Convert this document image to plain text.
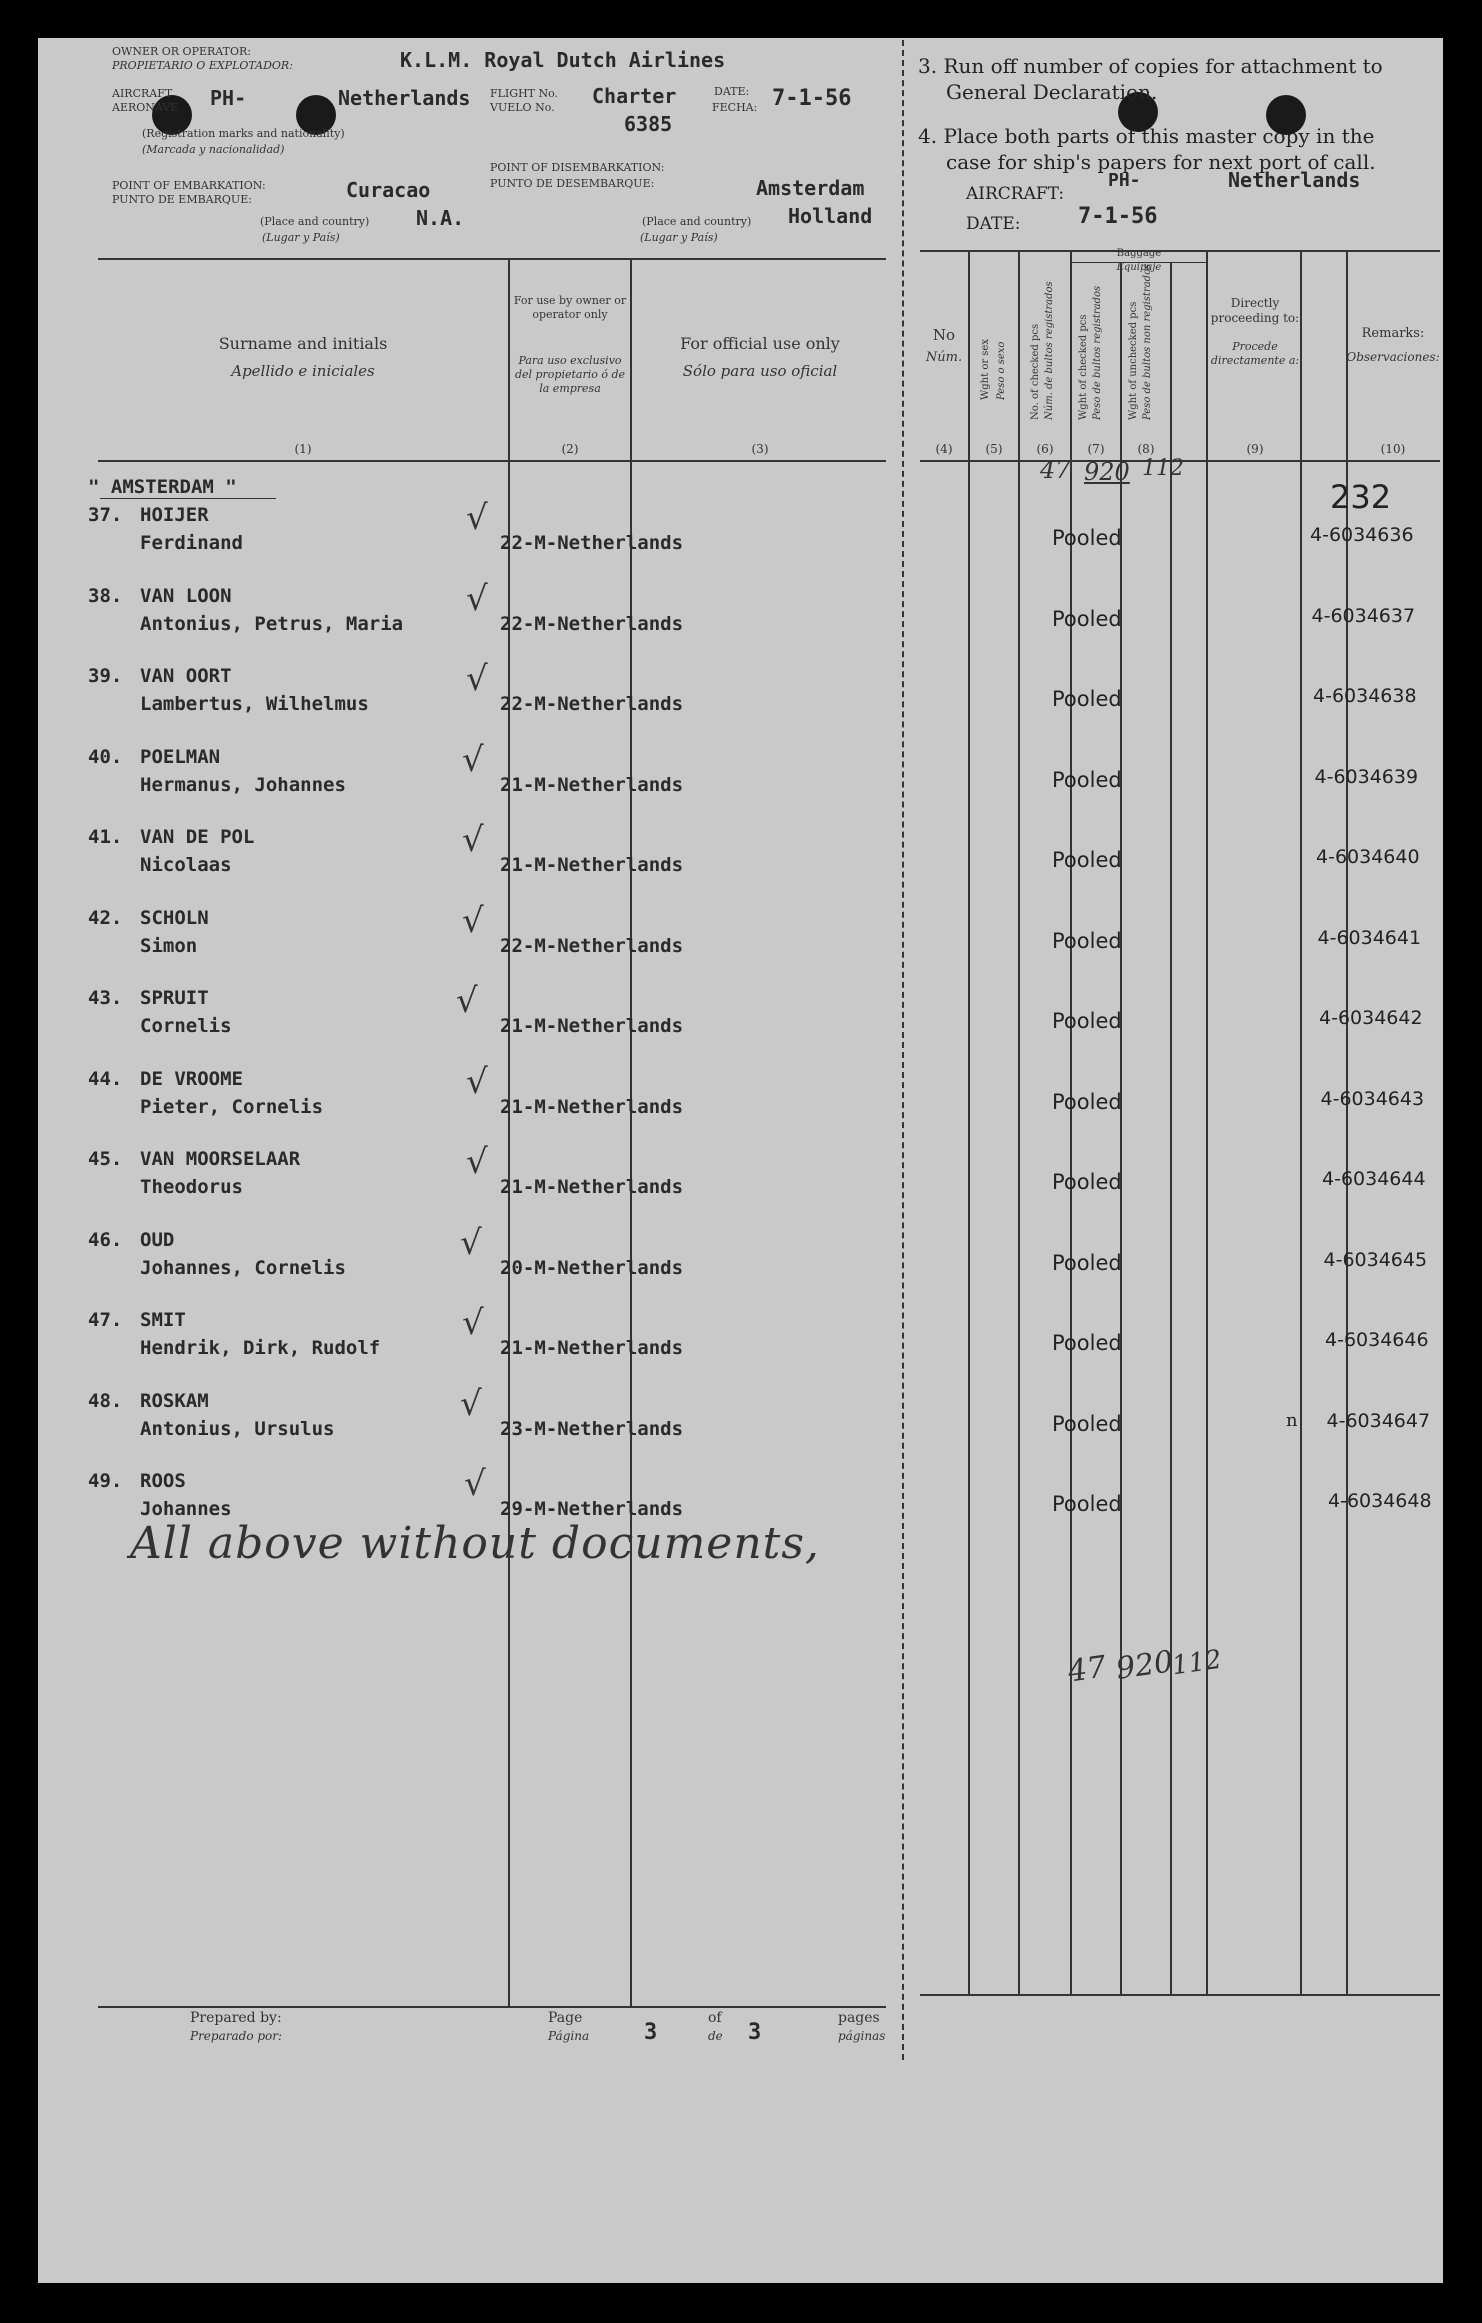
OWNER OR OPERATOR:
PROPIETARIO O EXPLOTADOR:	K.L.M. Royal Dutch Airlines
AIRCRAFT
AERONAVE PH-	Netherlands
(Registration marks and nationality)
(Marcada y nacionalidad)
FLIGHT No.
VUELO No. Charter
6385
DATE:
FECHA: 7-1-56
POINT OF EMBARKATION:
PUNTO DE EMBARQUE:	Curacao
N.A.
(Place and country)
(Lugar y País)
POINT OF DISEMBARKATION:
PUNTO DE DESEMBARQUE:	Amsterdam
Holland
(Place and country)
(Lugar y País)
3. Run off number of copies for attachment to
General Declaration.
4. Place both parts of this master copy in the
case for ship's papers for next port of call.
AIRCRAFT:
PH-	Netherlands
DATE:	7-1-56
Surname and initials
Apellido e iniciales
(1)
For use by owner or operator only
Para uso exclusivo del propietario ó de la empresa
(2)
For official use only
Sólo para uso oficial
(3)
No
Núm.
(4)
Wght or sex Peso o sexo
(5)
Baggage
Equipaje
No. of checked pcs Núm. de bultos registrados
(6)
Wght of checked pcs Peso de bultos registrados
(7)
Wght of unchecked pcs Peso de bultos non registrados
(8)
Directly proceeding to:
Procede directamente a:
(9)
Remarks:
Observaciones:
(10)
" AMSTERDAM "
47 920 112
232
37. HOIJER
Ferdinand
√
22-M-Netherlands	Pooled	4-6034636
38. VAN LOON
Antonius, Petrus, Maria
√
22-M-Netherlands	Pooled	4-6034637
39. VAN OORT
Lambertus, Wilhelmus
√
22-M-Netherlands	Pooled	4-6034638
40. POELMAN
Hermanus, Johannes
√
21-M-Netherlands	Pooled	4-6034639
41. VAN DE POL
Nicolaas
√
21-M-Netherlands	Pooled	4-6034640
42. SCHOLN
Simon
√
22-M-Netherlands	Pooled	4-6034641
43. SPRUIT
Cornelis
√
21-M-Netherlands	Pooled	4-6034642
44. DE VROOME
Pieter, Cornelis
√
21-M-Netherlands	Pooled	4-6034643
45. VAN MOORSELAAR
Theodorus
√
21-M-Netherlands	Pooled	4-6034644
46. OUD
Johannes, Cornelis
√
20-M-Netherlands	Pooled	4-6034645
47. SMIT
Hendrik, Dirk, Rudolf
√
21-M-Netherlands	Pooled	4-6034646
48. ROSKAM
Antonius, Ursulus
√
23-M-Netherlands	Pooled	4-6034647
49. ROOS
Johannes
√
29-M-Netherlands	Pooled	4-6034648
All above without documents,
47 920
112
n
Prepared by:
Preparado por:
Page
Página 3
of
de 3
pages
páginas
